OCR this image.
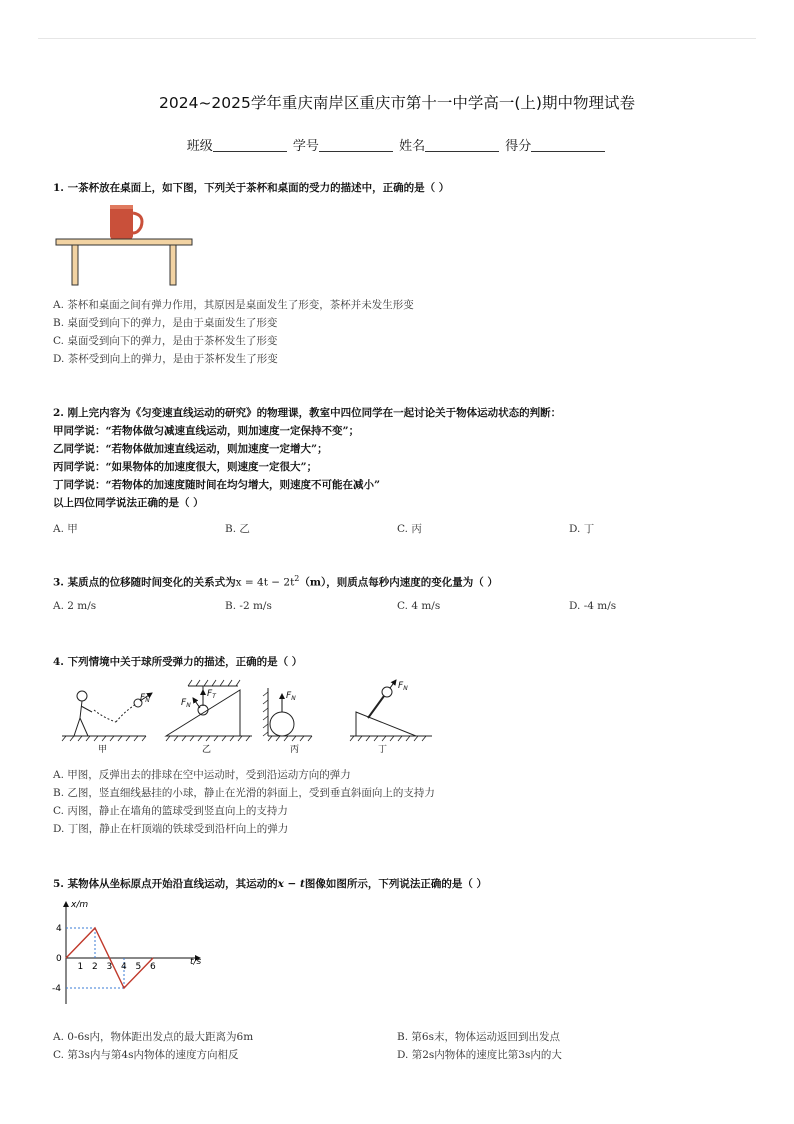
2024~2025学年重庆南岸区重庆市第十一中学高一(上)期中物理试卷
班级	学号	姓名	得分
1. 一茶杯放在桌面上，如下图，下列关于茶杯和桌面的受力的描述中，正确的是（ ）
A. 茶杯和桌面之间有弹力作用，其原因是桌面发生了形变，茶杯并未发生形变
B. 桌面受到向下的弹力，是由于桌面发生了形变
C. 桌面受到向下的弹力，是由于茶杯发生了形变
D. 茶杯受到向上的弹力，是由于茶杯发生了形变
2. 刚上完内容为《匀变速直线运动的研究》的物理课，教室中四位同学在一起讨论关于物体运动状态的判断：
甲同学说：“若物体做匀减速直线运动，则加速度一定保持不变”；
乙同学说：“若物体做加速直线运动，则加速度一定增大”；
丙同学说：“如果物体的加速度很大，则速度一定很大”；
丁同学说：“若物体的加速度随时间在均匀增大，则速度不可能在减小”
以上四位同学说法正确的是（ ）
A. 甲	B. 乙	C. 丙	D. 丁
3. 某质点的位移随时间变化的关系式为$x = 4t - 2t^2(m)$，则质点每秒内速度的变化量为（ ）
A. 2 m/s	B. -2 m/s	C. 4 m/s	D. -4 m/s
4. 下列情境中关于球所受弹力的描述，正确的是（ ）
$F_N$
$F_T$
$F_N$
$F_N$
$F_N$
甲	乙	丙	丁
A. 甲图，反弹出去的排球在空中运动时，受到沿运动方向的弹力
B. 乙图，竖直细线悬挂的小球，静止在光滑的斜面上，受到垂直斜面向上的支持力
C. 丙图，静止在墙角的篮球受到竖直向上的支持力
D. 丁图，静止在杆顶端的铁球受到沿杆向上的弹力
5. 某物体从坐标原点开始沿直线运动，其运动的x − t图像如图所示，下列说法正确的是（ ）
x/m
t/s
1 2 3 4 5 6
4
0
-4
A. 0-6s内，物体距出发点的最大距离为6m	B. 第6s末，物体运动返回到出发点
C. 第3s内与第4s内物体的速度方向相反	D. 第2s内物体的速度比第3s内的大
